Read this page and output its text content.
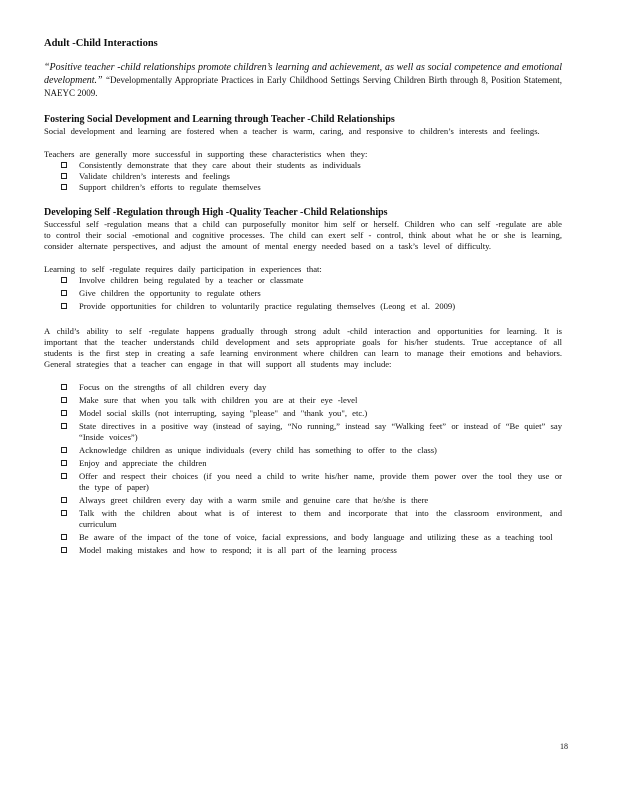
Adult -Child Interactions
“Positive teacher -child relationships promote children’s learning and achievement, as well as social competence and emotional development.” “Developmentally Appropriate Practices in Early Childhood Settings Serving Children Birth through 8, Position Statement, NAEYC 2009.
Fostering Social Development and Learning through Teacher -Child Relationships

Social development and learning are fostered when a teacher is warm, caring, and responsive to children’s interests and feelings.

Teachers are generally more successful in supporting these characteristics when they:

Consistently demonstrate that they care about their students as individuals
Validate children’s interests and feelings
Support children’s efforts to regulate themselves
Developing Self -Regulation through High -Quality Teacher -Child Relationships

Successful self -regulation means that a child can purposefully monitor him self or herself. Children who can self -regulate are able to control their social -emotional and cognitive processes. The child can exert self - control, think about what he or she is learning, consider alternate perspectives, and adjust the amount of mental energy needed based on a task’s level of difficulty.

Learning to self -regulate requires daily participation in experiences that:

Involve children being regulated by a teacher or classmate
Give children the opportunity to regulate others
Provide opportunities for children to voluntarily practice regulating themselves (Leong et al. 2009)

A child’s ability to self -regulate happens gradually through strong adult -child interaction and opportunities for learning. It is important that the teacher understands child development and sets appropriate goals for his/her students. True acceptance of all students is the first step in creating a safe learning environment where children can learn to manage their emotions and behaviors. General strategies that a teacher can engage in that will support all students may include:

Focus on the strengths of all children every day
Make sure that when you talk with children you are at their eye -level
Model social skills (not interrupting, saying "please" and "thank you", etc.)
State directives in a positive way (instead of saying, “No running,” instead say “Walking feet” or instead of “Be quiet” say “Inside voices”)
Acknowledge children as unique individuals (every child has something to offer to the class)
Enjoy and appreciate the children
Offer and respect their choices (if you need a child to write his/her name, provide them power over the tool they use or the type of paper)
Always greet children every day with a warm smile and genuine care that he/she is there
Talk with the children about what is of interest to them and incorporate that into the classroom environment, and curriculum
Be aware of the impact of the tone of voice, facial expressions, and body language and utilizing these as a teaching tool
Model making mistakes and how to respond; it is all part of the learning process
18
